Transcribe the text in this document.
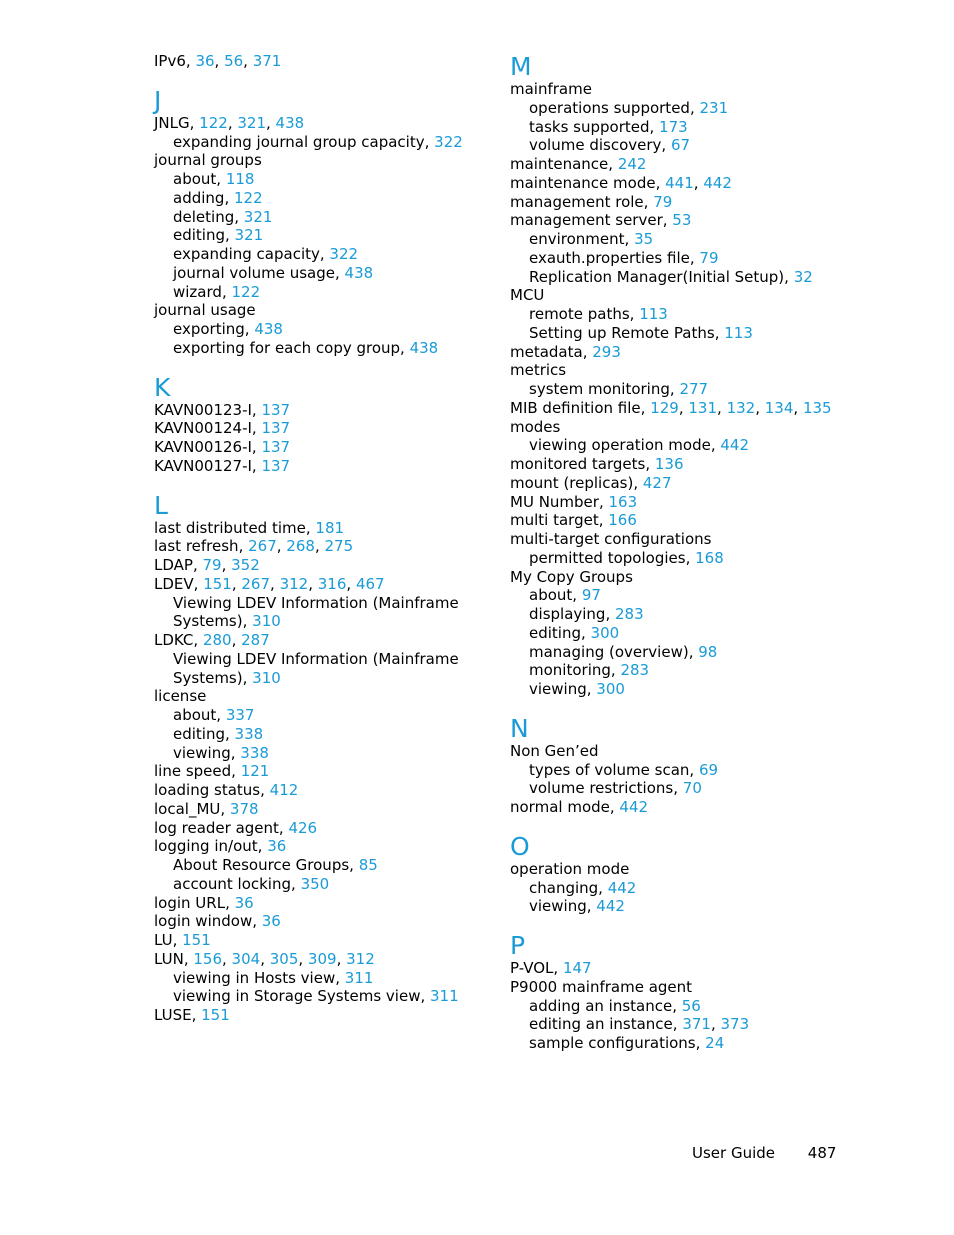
IPv6, 36, 56, 371
J
JNLG, 122, 321, 438
expanding journal group capacity, 322
journal groups
about, 118
adding, 122
deleting, 321
editing, 321
expanding capacity, 322
journal volume usage, 438
wizard, 122
journal usage
exporting, 438
exporting for each copy group, 438
K
KAVN00123-I, 137
KAVN00124-I, 137
KAVN00126-I, 137
KAVN00127-I, 137
L
last distributed time, 181
last refresh, 267, 268, 275
LDAP, 79, 352
LDEV, 151, 267, 312, 316, 467
Viewing LDEV Information (Mainframe
Systems), 310
LDKC, 280, 287
Viewing LDEV Information (Mainframe
Systems), 310
license
about, 337
editing, 338
viewing, 338
line speed, 121
loading status, 412
local_MU, 378
log reader agent, 426
logging in/out, 36
About Resource Groups, 85
account locking, 350
login URL, 36
login window, 36
LU, 151
LUN, 156, 304, 305, 309, 312
viewing in Hosts view, 311
viewing in Storage Systems view, 311
LUSE, 151
M
mainframe
operations supported, 231
tasks supported, 173
volume discovery, 67
maintenance, 242
maintenance mode, 441, 442
management role, 79
management server, 53
environment, 35
exauth.properties file, 79
Replication Manager(Initial Setup), 32
MCU
remote paths, 113
Setting up Remote Paths, 113
metadata, 293
metrics
system monitoring, 277
MIB definition file, 129, 131, 132, 134, 135
modes
viewing operation mode, 442
monitored targets, 136
mount (replicas), 427
MU Number, 163
multi target, 166
multi-target configurations
permitted topologies, 168
My Copy Groups
about, 97
displaying, 283
editing, 300
managing (overview), 98
monitoring, 283
viewing, 300
N
Non Gen’ed
types of volume scan, 69
volume restrictions, 70
normal mode, 442
O
operation mode
changing, 442
viewing, 442
P
P-VOL, 147
P9000 mainframe agent
adding an instance, 56
editing an instance, 371, 373
sample configurations, 24
User Guide 487
